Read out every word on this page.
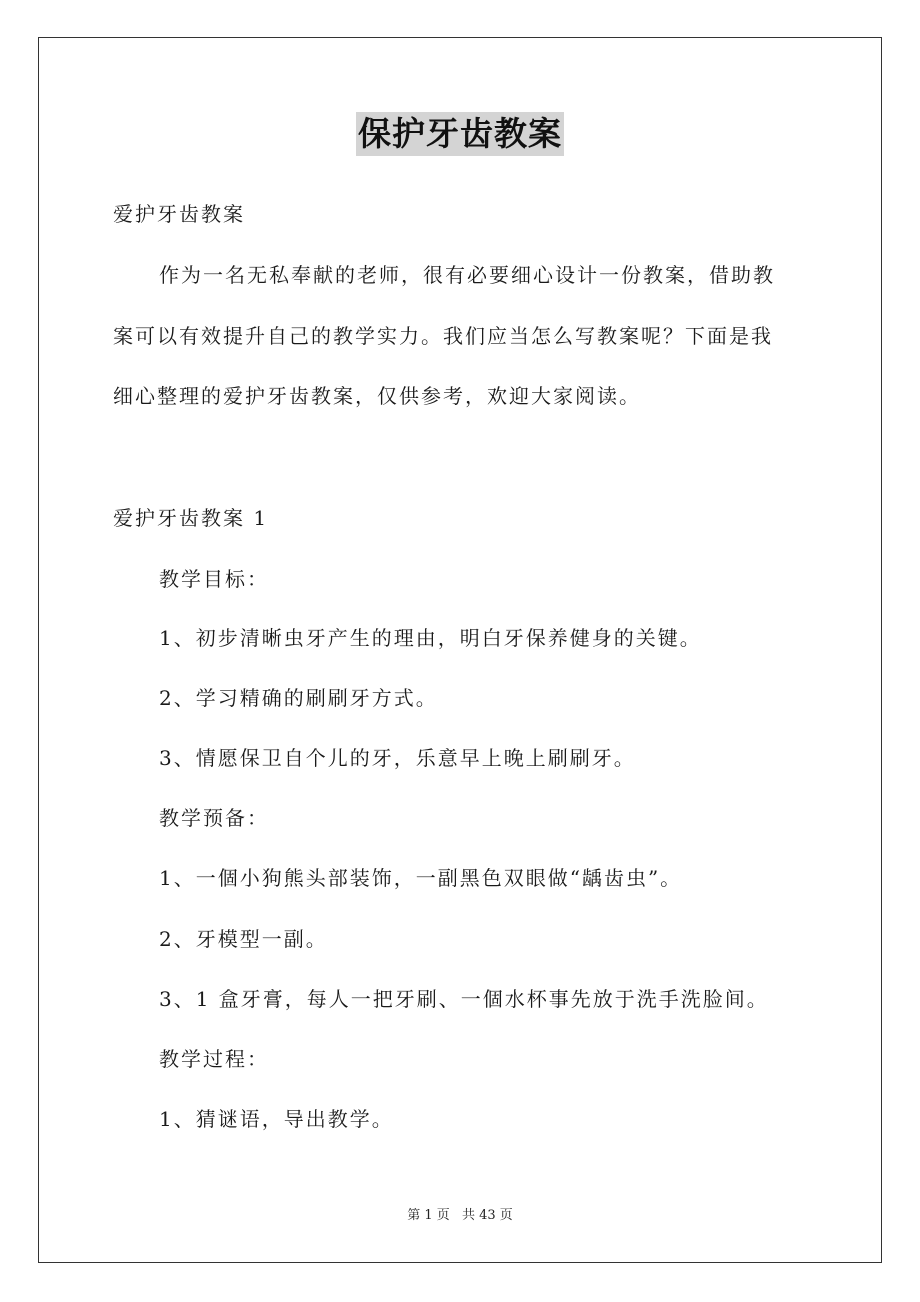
保护牙齿教案
爱护牙齿教案
作为一名无私奉献的老师，很有必要细心设计一份教案，借助教
案可以有效提升自己的教学实力。我们应当怎么写教案呢？下面是我
细心整理的爱护牙齿教案，仅供参考，欢迎大家阅读。
爱护牙齿教案 1
教学目标：
1、初步清晰虫牙产生的理由，明白牙保养健身的关键。
2、学习精确的刷刷牙方式。
3、情愿保卫自个儿的牙，乐意早上晚上刷刷牙。
教学预备：
1、一個小狗熊头部装饰，一副黑色双眼做“龋齿虫”。
2、牙模型一副。
3、1 盒牙膏，每人一把牙刷、一個水杯事先放于洗手洗脸间。
教学过程：
1、猜谜语，导出教学。
第 1 页 共 43 页
